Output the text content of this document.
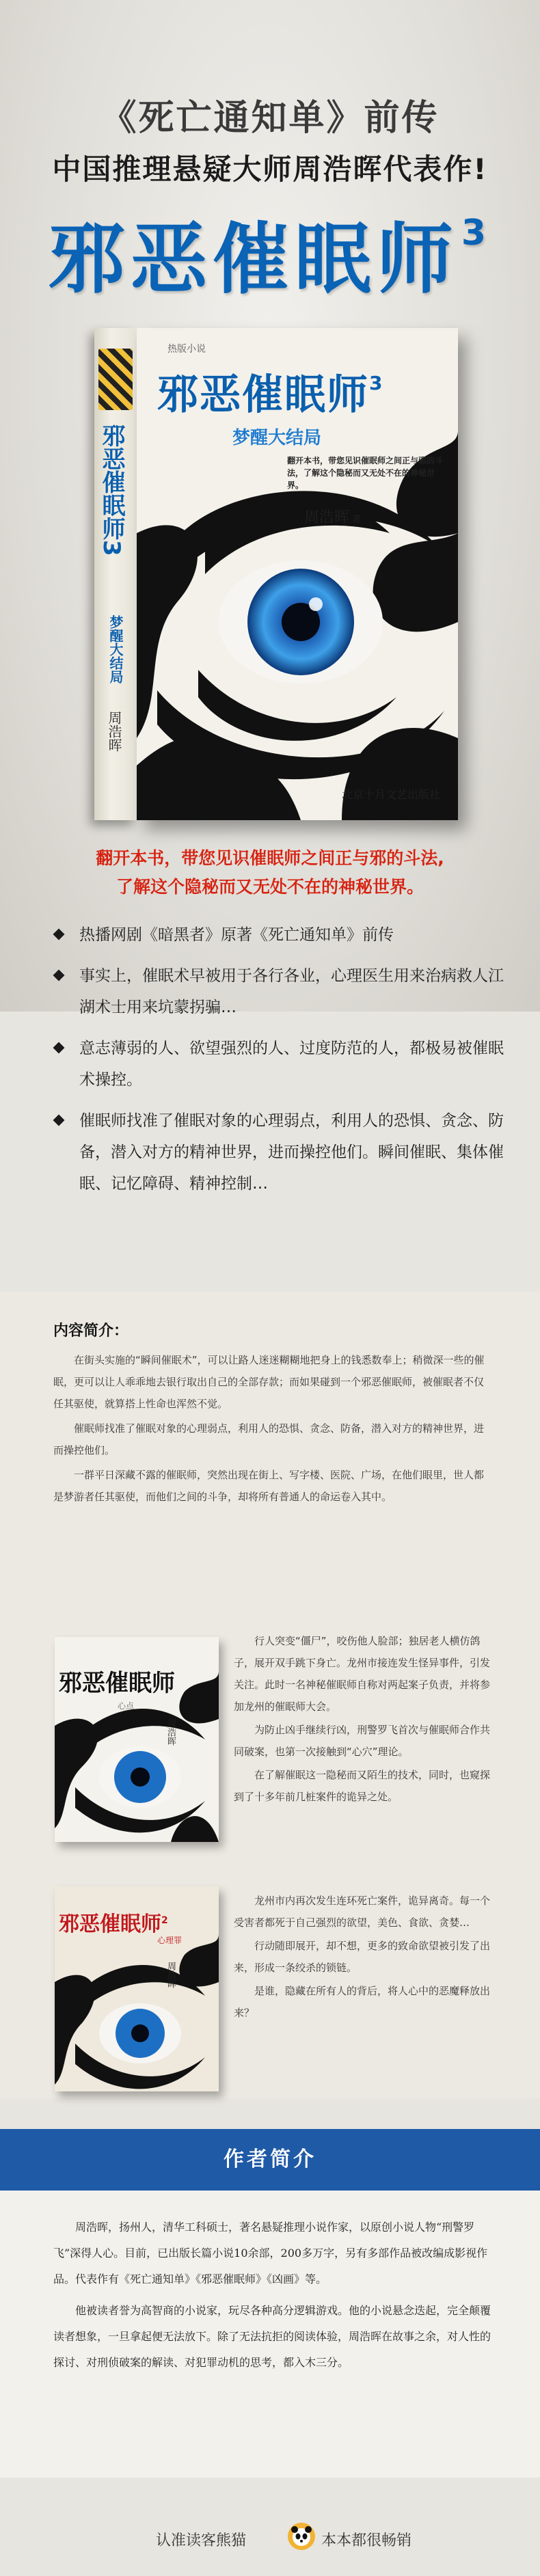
《死亡通知单》前传
中国推理悬疑大师周浩晖代表作!
邪恶催眠师$^3$
邪恶催眠师3
梦醒大结局
周浩晖
热版小说
邪恶催眠师$^3$
梦醒大结局
翻开本书，带您见识催眠师之间正与邪的斗法，了解这个隐秘而又无处不在的神秘世界。
周浩晖 著
北京十月文艺出版社
翻开本书，带您见识催眠师之间正与邪的斗法,
了解这个隐秘而又无处不在的神秘世界。
热播网剧《暗黑者》原著《死亡通知单》前传
事实上，催眠术早被用于各行各业，心理医生用来治病救人江湖术士用来坑蒙拐骗…
意志薄弱的人、欲望强烈的人、过度防范的人，都极易被催眠术操控。
催眠师找准了催眠对象的心理弱点，利用人的恐惧、贪念、防备，潜入对方的精神世界，进而操控他们。瞬间催眠、集体催眠、记忆障碍、精神控制…
内容简介：

在街头实施的“瞬间催眠术”，可以让路人迷迷糊糊地把身上的钱悉数奉上；稍微深一些的催眠，更可以让人乖乖地去银行取出自己的全部存款；而如果碰到一个邪恶催眠师，被催眠者不仅任其驱使，就算搭上性命也浑然不觉。

催眠师找准了催眠对象的心理弱点，利用人的恐惧、贪念、防备，潜入对方的精神世界，进而操控他们。

一群平日深藏不露的催眠师，突然出现在街上、写字楼、医院、广场，在他们眼里，世人都是梦游者任其驱使，而他们之间的斗争，却将所有普通人的命运卷入其中。

邪恶催眠师
心点
周浩晖

行人突变“僵尸”，咬伤他人脸部；独居老人横仿鸽子，展开双手跳下身亡。龙州市接连发生怪异事件，引发关注。此时一名神秘催眠师自称对两起案子负责，并将参加龙州的催眠师大会。

为防止凶手继续行凶，刑警罗飞首次与催眠师合作共同破案，也第一次接触到“心穴”理论。

在了解催眠这一隐秘而又陌生的技术，同时，也窥探到了十多年前几桩案件的诡异之处。

邪恶催眠师$^2$
心理罪
周浩晖

龙州市内再次发生连环死亡案件，诡异离奇。每一个受害者都死于自己强烈的欲望，美色、食欲、贪婪…

行动随即展开，却不想，更多的致命欲望被引发了出来，形成一条绞杀的锁链。

是谁，隐藏在所有人的背后，将人心中的恶魔释放出来？

作者简介

周浩晖，扬州人，清华工科硕士，著名悬疑推理小说作家，以原创小说人物“刑警罗飞”深得人心。目前，已出版长篇小说10余部，200多万字，另有多部作品被改编成影视作品。代表作有《死亡通知单》《邪恶催眠师》《凶画》等。

他被读者誉为高智商的小说家，玩尽各种高分逻辑游戏。他的小说悬念迭起，完全颠覆读者想象，一旦拿起便无法放下。除了无法抗拒的阅读体验，周浩晖在故事之余，对人性的探讨、对刑侦破案的解读、对犯罪动机的思考，都入木三分。

认准读客熊猫	本本都很畅销
